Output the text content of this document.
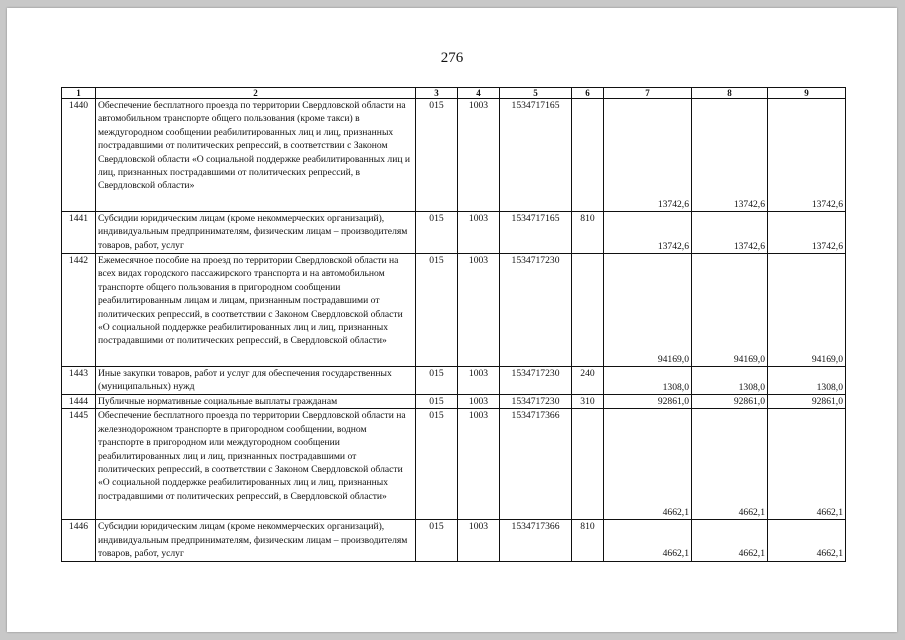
276
1	2	3	4	5	6	7	8	9
1440	Обеспечение бесплатного проезда по территории Свердловской области на автомобильном транспорте общего пользования (кроме такси) в междугородном сообщении реабилитированных лиц и лиц, признанных пострадавшими от политических репрессий, в соответствии с Законом Свердловской области «О социальной поддержке реабилитированных лиц и лиц, признанных пострадавшими от политических репрессий, в Свердловской области»	015	1003	1534717165		13742,6	13742,6	13742,6
1441	Субсидии юридическим лицам (кроме некоммерческих организаций), индивидуальным предпринимателям, физическим лицам – производителям товаров, работ, услуг	015	1003	1534717165	810	13742,6	13742,6	13742,6
1442	Ежемесячное пособие на проезд по территории Свердловской области на всех видах городского пассажирского транспорта и на автомобильном транспорте общего пользования в пригородном сообщении реабилитированным лицам и лицам, признанным пострадавшими от политических репрессий, в соответствии с Законом Свердловской области «О социальной поддержке реабилитированных лиц и лиц, признанных пострадавшими от политических репрессий, в Свердловской области»	015	1003	1534717230		94169,0	94169,0	94169,0
1443	Иные закупки товаров, работ и услуг для обеспечения государственных (муниципальных) нужд	015	1003	1534717230	240	1308,0	1308,0	1308,0
1444	Публичные нормативные социальные выплаты гражданам	015	1003	1534717230	310	92861,0	92861,0	92861,0
1445	Обеспечение бесплатного проезда по территории Свердловской области на железнодорожном транспорте в пригородном сообщении, водном транспорте в пригородном или междугородном сообщении реабилитированных лиц и лиц, признанных пострадавшими от политических репрессий, в соответствии с Законом Свердловской области «О социальной поддержке реабилитированных лиц и лиц, признанных пострадавшими от политических репрессий, в Свердловской области»	015	1003	1534717366		4662,1	4662,1	4662,1
1446	Субсидии юридическим лицам (кроме некоммерческих организаций), индивидуальным предпринимателям, физическим лицам – производителям товаров, работ, услуг	015	1003	1534717366	810	4662,1	4662,1	4662,1
